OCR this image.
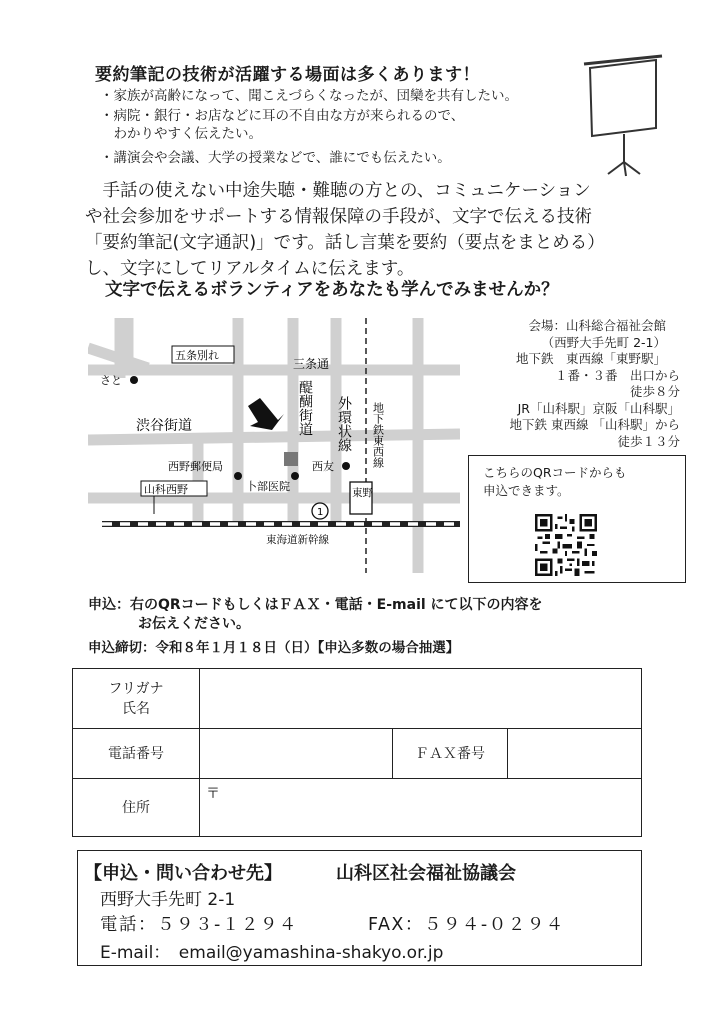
要約筆記の技術が活躍する場面は多くあります！
・家族が高齢になって、聞こえづらくなったが、団欒を共有したい。
・病院・銀行・お店などに耳の不自由な方が来られるので、
　わかりやすく伝えたい。
・講演会や会議、大学の授業などで、誰にでも伝えたい。

手話の使えない中途失聴・難聴の方との、コミュニケーション

や社会参加をサポートする情報保障の手段が、文字で伝える技術

「要約筆記(文字通訳)」です。話し言葉を要約（要点をまとめる）

し、文字にしてリアルタイムに伝えます。

文字で伝えるボランティアをあなたも学んでみませんか？
1
五条別れ
さと
三条通
渋谷街道
西野郵便局	西友
山科西野	卜部医院
東海道新幹線
東野
醍醐街道 外環状線 地下鉄東西線
会場：山科総合福祉会館
（西野大手先町 2-1）
地下鉄　東西線「東野駅」
１番・３番　出口から
徒歩８分
JR「山科駅」京阪「山科駅」
地下鉄 東西線 「山科駅」から
徒歩１３分
こちらのQRコードからも
申込できます。
申込：右のQRコードもしくはＦＡＸ・電話・E-mail にて以下の内容を
お伝えください。
申込締切：令和８年１月１８日（日）【申込多数の場合抽選】
フリガナ
氏名			

電話番号		ＦＡＸ番号	
住所	〒		
【申込・問い合わせ先】	山科区社会福祉協議会
西野大手先町 2-1
電話：５９３-１２９４	FAX：５９４-０２９４
E-mail：　email@yamashina-shakyo.or.jp
